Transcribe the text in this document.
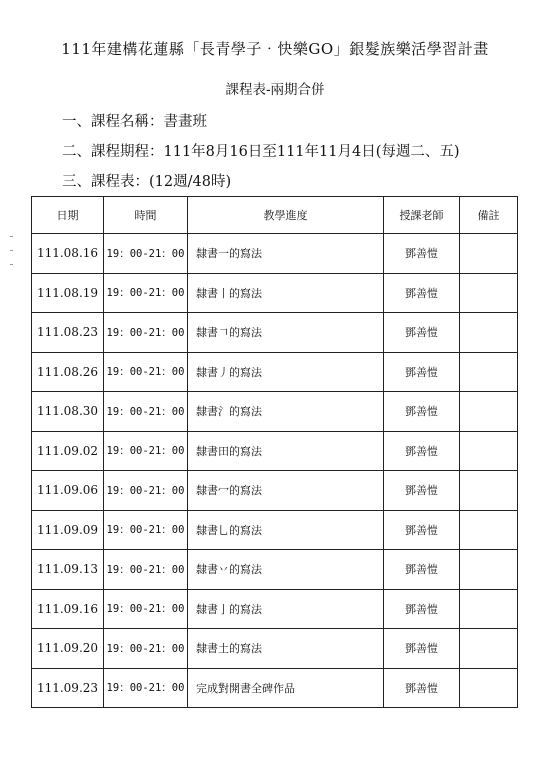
111年建構花蓮縣「長青學子‧快樂GO」銀髮族樂活學習計畫
課程表-兩期合併
一、課程名稱：書畫班
二、課程期程：111年8月16日至111年11月4日(每週二、五)
三、課程表：(12週/48時)
日期	時間	教學進度	授課老師	備註
111.08.16	19：00-21：00	隸書一的寫法	鄧善愷	
111.08.19	19：00-21：00	隸書丨的寫法	鄧善愷	
111.08.23	19：00-21：00	隸書𠃍的寫法	鄧善愷	
111.08.26	19：00-21：00	隸書丿的寫法	鄧善愷	
111.08.30	19：00-21：00	隸書氵的寫法	鄧善愷	
111.09.02	19：00-21：00	隸書田的寫法	鄧善愷	
111.09.06	19：00-21：00	隸書冖的寫法	鄧善愷	
111.09.09	19：00-21：00	隸書乚的寫法	鄧善愷	
111.09.13	19：00-21：00	隸書丷的寫法	鄧善愷	
111.09.16	19：00-21：00	隸書亅的寫法	鄧善愷	
111.09.20	19：00-21：00	隸書土的寫法	鄧善愷	
111.09.23	19：00-21：00	完成對開書全碑作品	鄧善愷	
